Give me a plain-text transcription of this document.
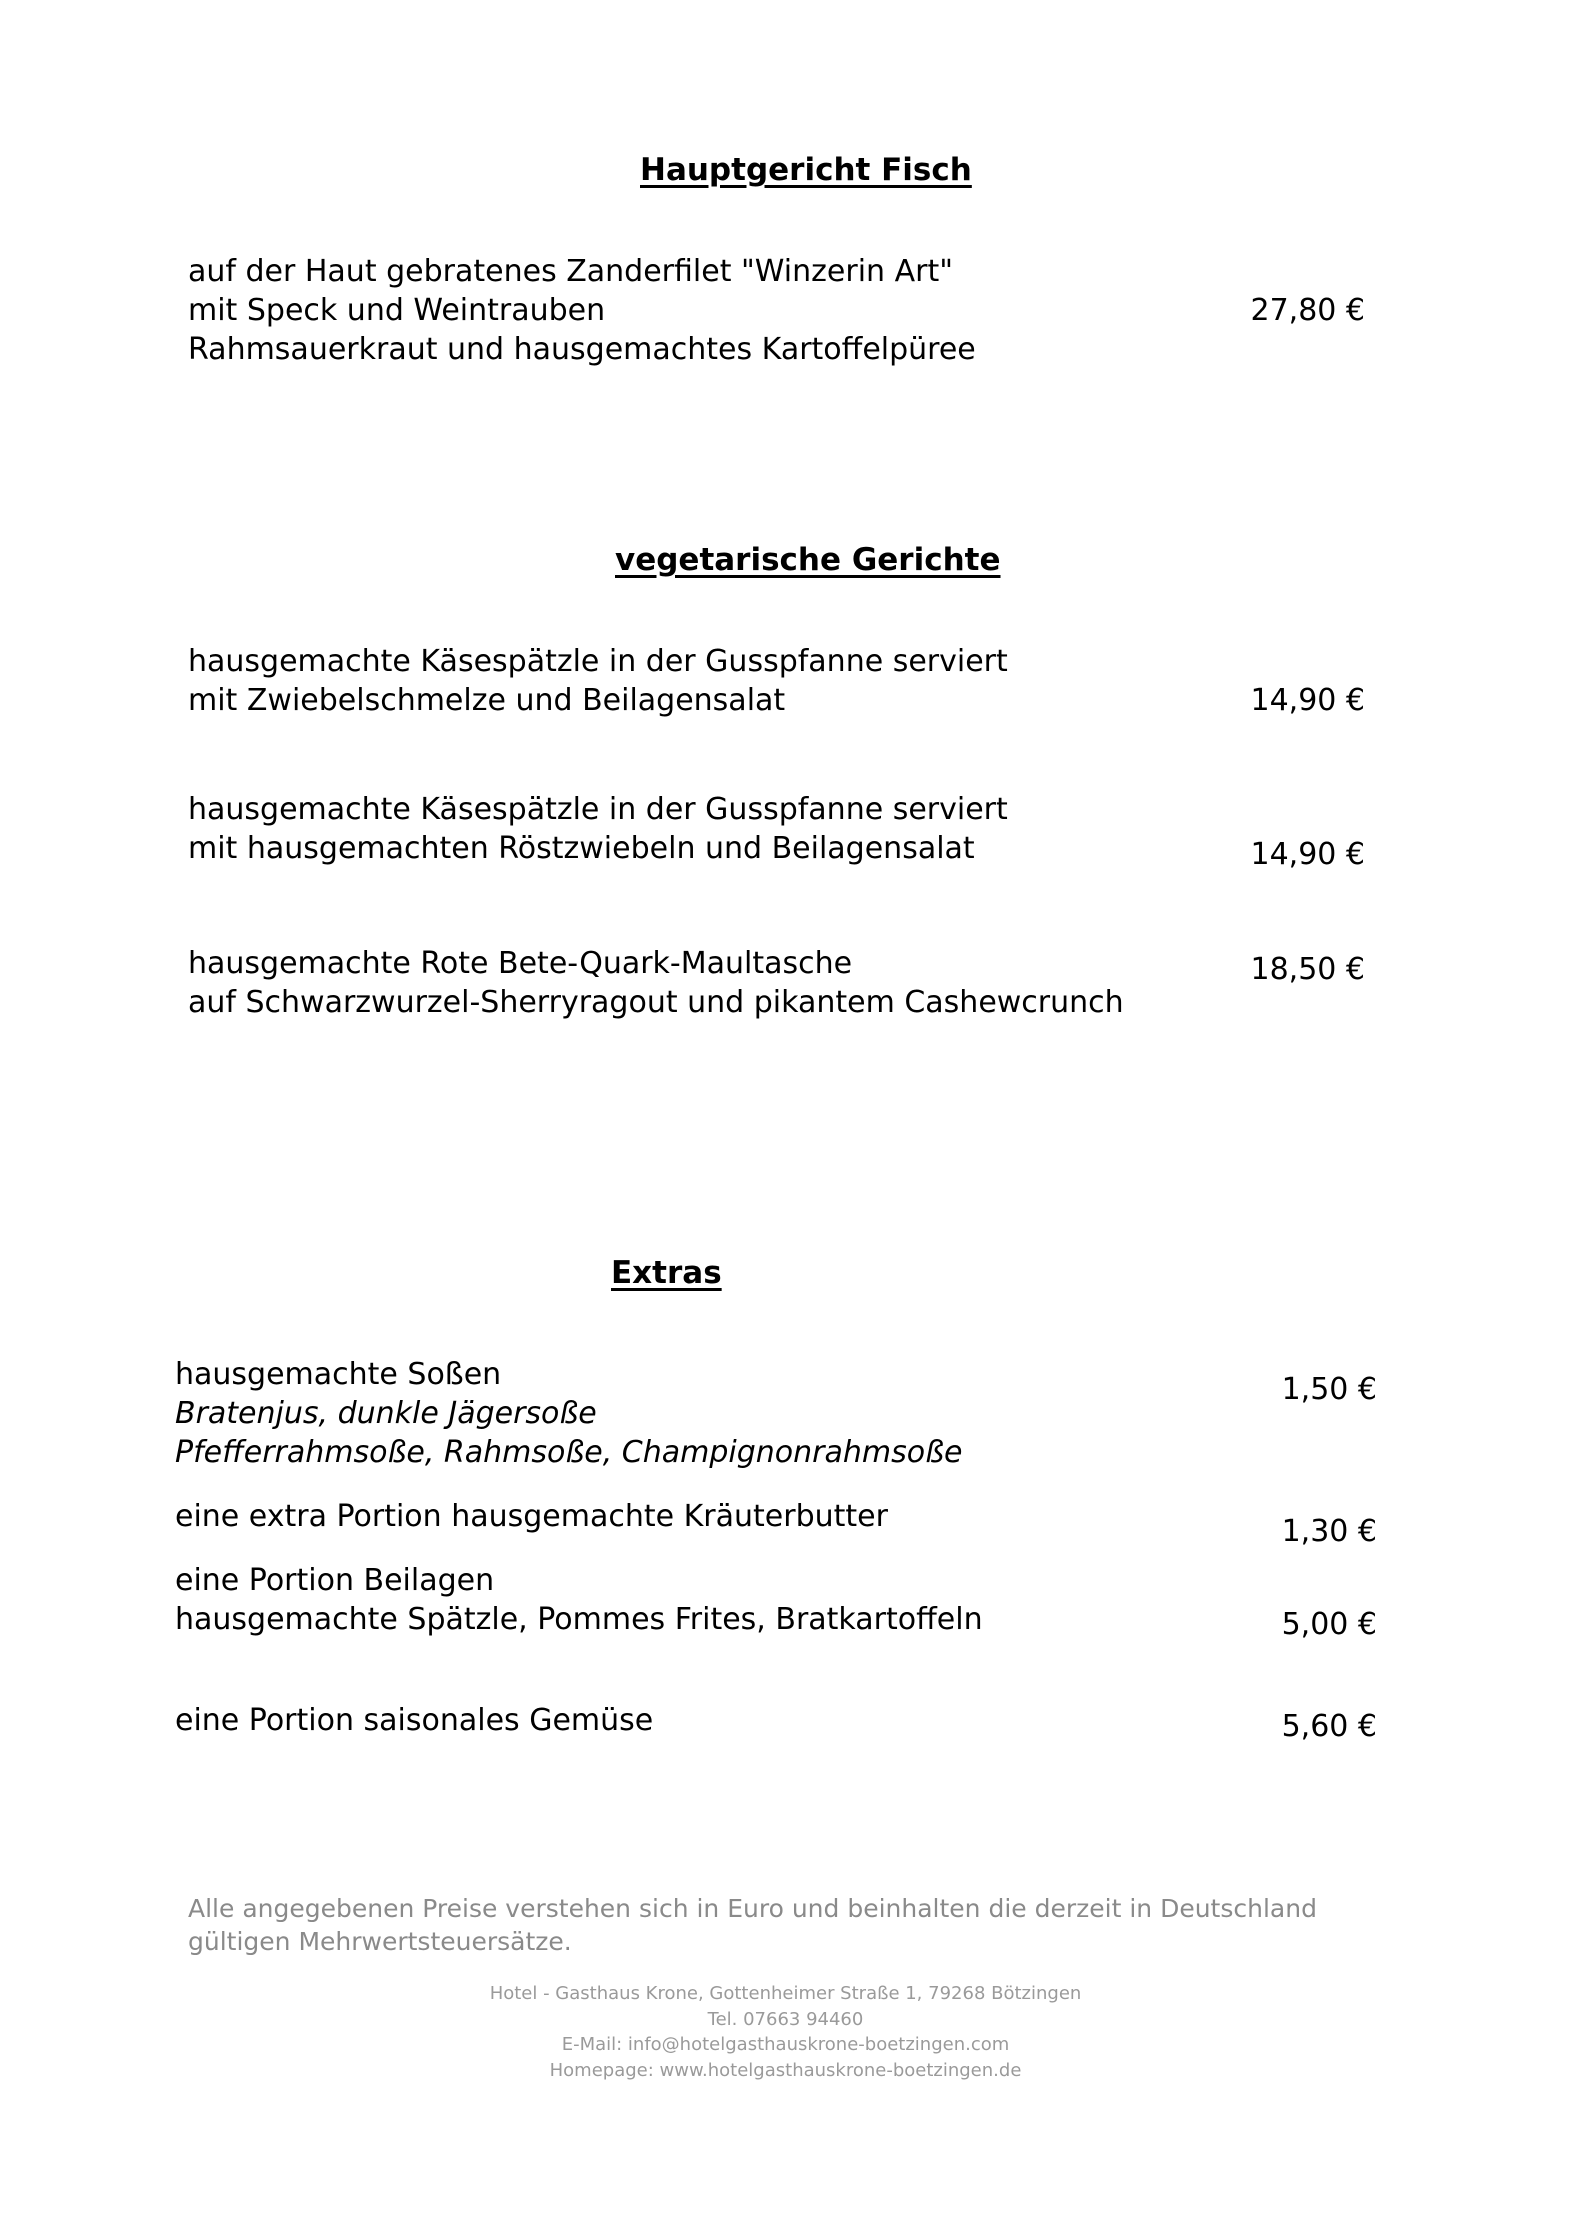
Hauptgericht Fisch
auf der Haut gebratenes Zanderfilet "Winzerin Art"
mit Speck und Weintrauben
Rahmsauerkraut und hausgemachtes Kartoffelpüree
27,80 €
vegetarische Gerichte
hausgemachte Käsespätzle in der Gusspfanne serviert
mit Zwiebelschmelze und Beilagensalat	14,90 €
hausgemachte Käsespätzle in der Gusspfanne serviert
mit hausgemachten Röstzwiebeln und Beilagensalat	14,90 €
hausgemachte Rote Bete-Quark-Maultasche
auf Schwarzwurzel-Sherryragout und pikantem Cashewcrunch
18,50 €
Extras
hausgemachte Soßen
Bratenjus, dunkle Jägersoße
Pfefferrahmsoße, Rahmsoße, Champignonrahmsoße
1,50 €
eine extra Portion hausgemachte Kräuterbutter	1,30 €
eine Portion Beilagen
hausgemachte Spätzle, Pommes Frites, Bratkartoffeln	5,00 €
eine Portion saisonales Gemüse	5,60 €
Alle angegebenen Preise verstehen sich in Euro und beinhalten die derzeit in Deutschland gültigen Mehrwertsteuersätze.
Hotel - Gasthaus Krone, Gottenheimer Straße 1, 79268 Bötzingen
Tel. 07663 94460
E-Mail: info@hotelgasthauskrone-boetzingen.com
Homepage: www.hotelgasthauskrone-boetzingen.de
